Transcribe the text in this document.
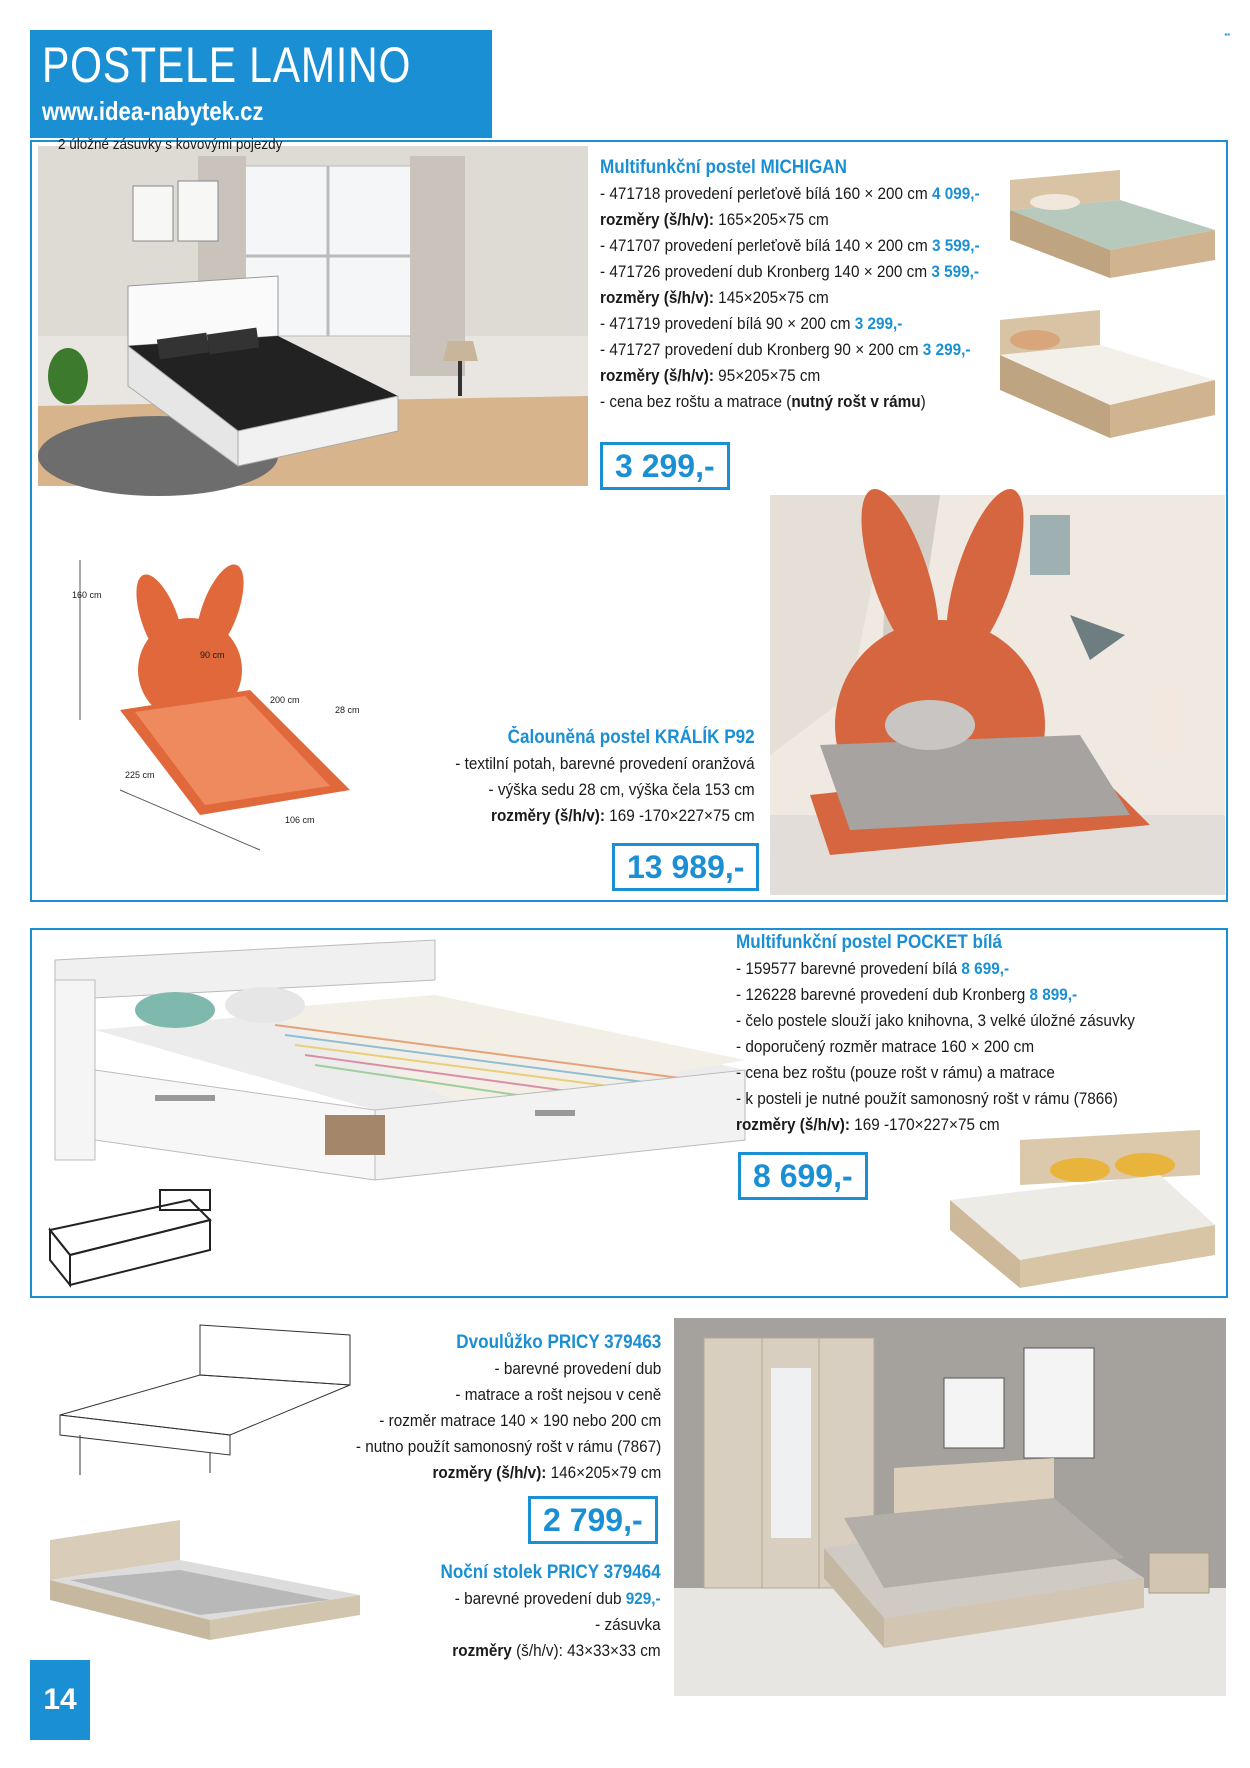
POSTELE LAMINO
www.idea-nabytek.cz
▪▪
2 úložné zásuvky s kovovými pojezdy
Multifunkční postel MICHIGAN
- 471718 provedení perleťově bílá 160 × 200 cm 4 099,-
rozměry (š/h/v): 165×205×75 cm
- 471707 provedení perleťově bílá 140 × 200 cm 3 599,-
- 471726 provedení dub Kronberg 140 × 200 cm 3 599,-
rozměry (š/h/v): 145×205×75 cm
- 471719 provedení bílá 90 × 200 cm 3 299,-
- 471727 provedení dub Kronberg 90 × 200 cm 3 299,-
rozměry (š/h/v): 95×205×75 cm
- cena bez roštu a matrace (nutný rošt v rámu)
3 299,-
160 cm
90 cm
200 cm
28 cm
225 cm
106 cm
Čalouněná postel KRÁLÍK P92
- textilní potah, barevné provedení oranžová
- výška sedu 28 cm, výška čela 153 cm
rozměry (š/h/v): 169 -170×227×75 cm
13 989,-
Multifunkční postel POCKET bílá
- 159577 barevné provedení bílá 8 699,-
- 126228 barevné provedení dub Kronberg 8 899,-
- čelo postele slouží jako knihovna, 3 velké úložné zásuvky
- doporučený rozměr matrace 160 × 200 cm
- cena bez roštu (pouze rošt v rámu) a matrace
- k posteli je nutné použít samonosný rošt v rámu (7866)
rozměry (š/h/v): 169 -170×227×75 cm
8 699,-
Dvoulůžko PRICY 379463
- barevné provedení dub
- matrace a rošt nejsou v ceně
- rozměr matrace 140 × 190 nebo 200 cm
- nutno použít samonosný rošt v rámu (7867)
rozměry (š/h/v): 146×205×79 cm
2 799,-
Noční stolek PRICY 379464
- barevné provedení dub 929,-
- zásuvka
rozměry (š/h/v): 43×33×33 cm
14
